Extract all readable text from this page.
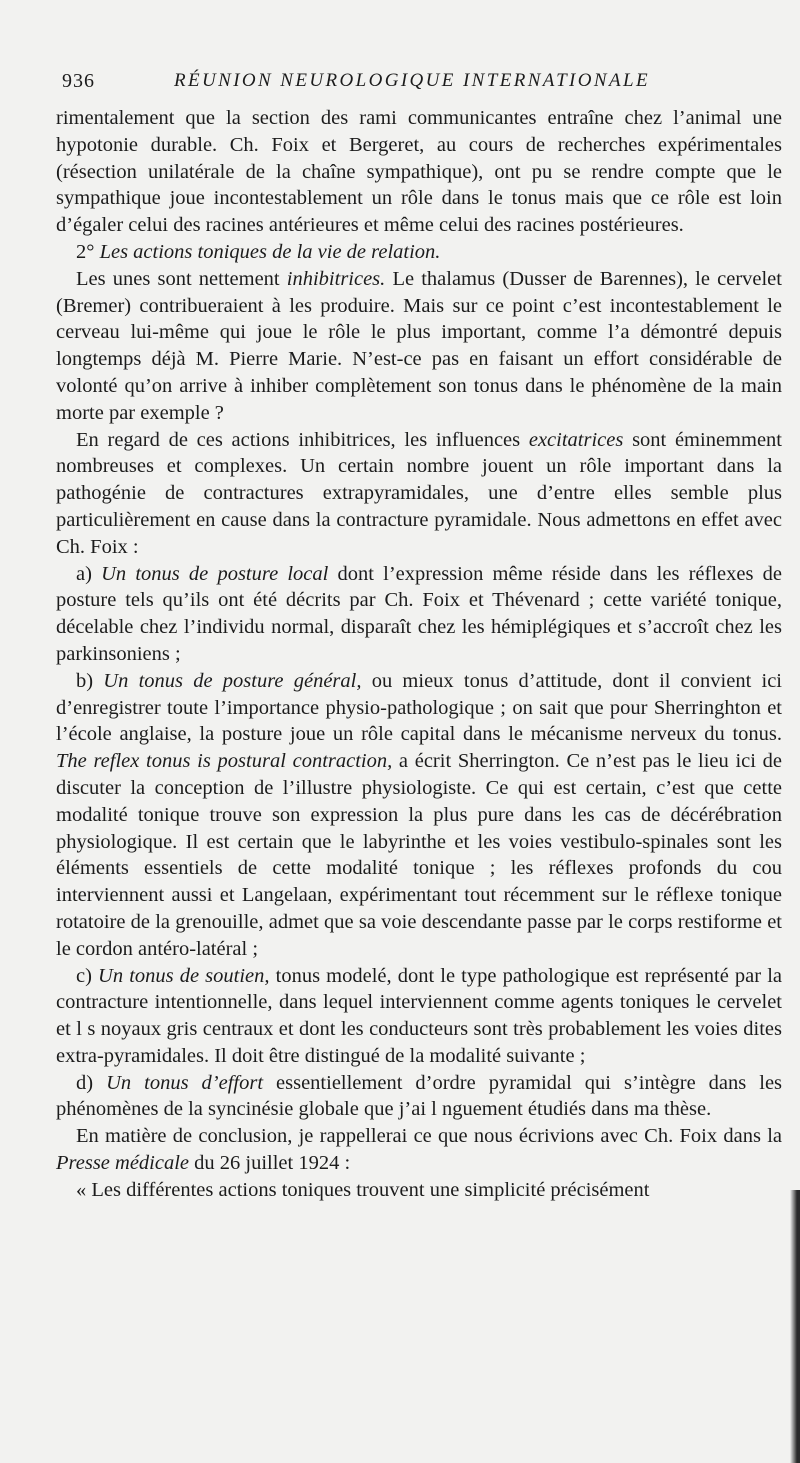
936	RÉUNION NEUROLOGIQUE INTERNATIONALE

rimentalement que la section des rami communicantes entraîne chez l’animal une hypotonie durable. Ch. Foix et Bergeret, au cours de recherches expérimentales (résection unilatérale de la chaîne sympathique), ont pu se rendre compte que le sympathique joue incontestablement un rôle dans le tonus mais que ce rôle est loin d’égaler celui des racines antérieures et même celui des racines postérieures.

2° Les actions toniques de la vie de relation.

Les unes sont nettement inhibitrices. Le thalamus (Dusser de Barennes), le cervelet (Bremer) contribueraient à les produire. Mais sur ce point c’est incontestablement le cerveau lui-même qui joue le rôle le plus important, comme l’a démontré depuis longtemps déjà M. Pierre Marie. N’est-ce pas en faisant un effort considérable de volonté qu’on arrive à inhiber complètement son tonus dans le phénomène de la main morte par exemple ?

En regard de ces actions inhibitrices, les influences excitatrices sont éminemment nombreuses et complexes. Un certain nombre jouent un rôle important dans la pathogénie de contractures extrapyramidales, une d’entre elles semble plus particulièrement en cause dans la contracture pyramidale. Nous admettons en effet avec Ch. Foix :

a) Un tonus de posture local dont l’expression même réside dans les réflexes de posture tels qu’ils ont été décrits par Ch. Foix et Thévenard ; cette variété tonique, décelable chez l’individu normal, disparaît chez les hémiplégiques et s’accroît chez les parkinsoniens ;

b) Un tonus de posture général, ou mieux tonus d’attitude, dont il convient ici d’enregistrer toute l’importance physio-pathologique ; on sait que pour Sherringhton et l’école anglaise, la posture joue un rôle capital dans le mécanisme nerveux du tonus. The reflex tonus is postural contraction, a écrit Sherrington. Ce n’est pas le lieu ici de discuter la conception de l’illustre physiologiste. Ce qui est certain, c’est que cette modalité tonique trouve son expression la plus pure dans les cas de décérébration physiologique. Il est certain que le labyrinthe et les voies vestibulo-spinales sont les éléments essentiels de cette modalité tonique ; les réflexes profonds du cou interviennent aussi et Langelaan, expérimentant tout récemment sur le réflexe tonique rotatoire de la grenouille, admet que sa voie descendante passe par le corps restiforme et le cordon antéro-latéral ;

c) Un tonus de soutien, tonus modelé, dont le type pathologique est représenté par la contracture intentionnelle, dans lequel interviennent comme agents toniques le cervelet et l s noyaux gris centraux et dont les conducteurs sont très probablement les voies dites extra-pyramidales. Il doit être distingué de la modalité suivante ;

d) Un tonus d’effort essentiellement d’ordre pyramidal qui s’intègre dans les phénomènes de la syncinésie globale que j’ai l nguement étudiés dans ma thèse.

En matière de conclusion, je rappellerai ce que nous écrivions avec Ch. Foix dans la Presse médicale du 26 juillet 1924 :

« Les différentes actions toniques trouvent une simplicité précisément
